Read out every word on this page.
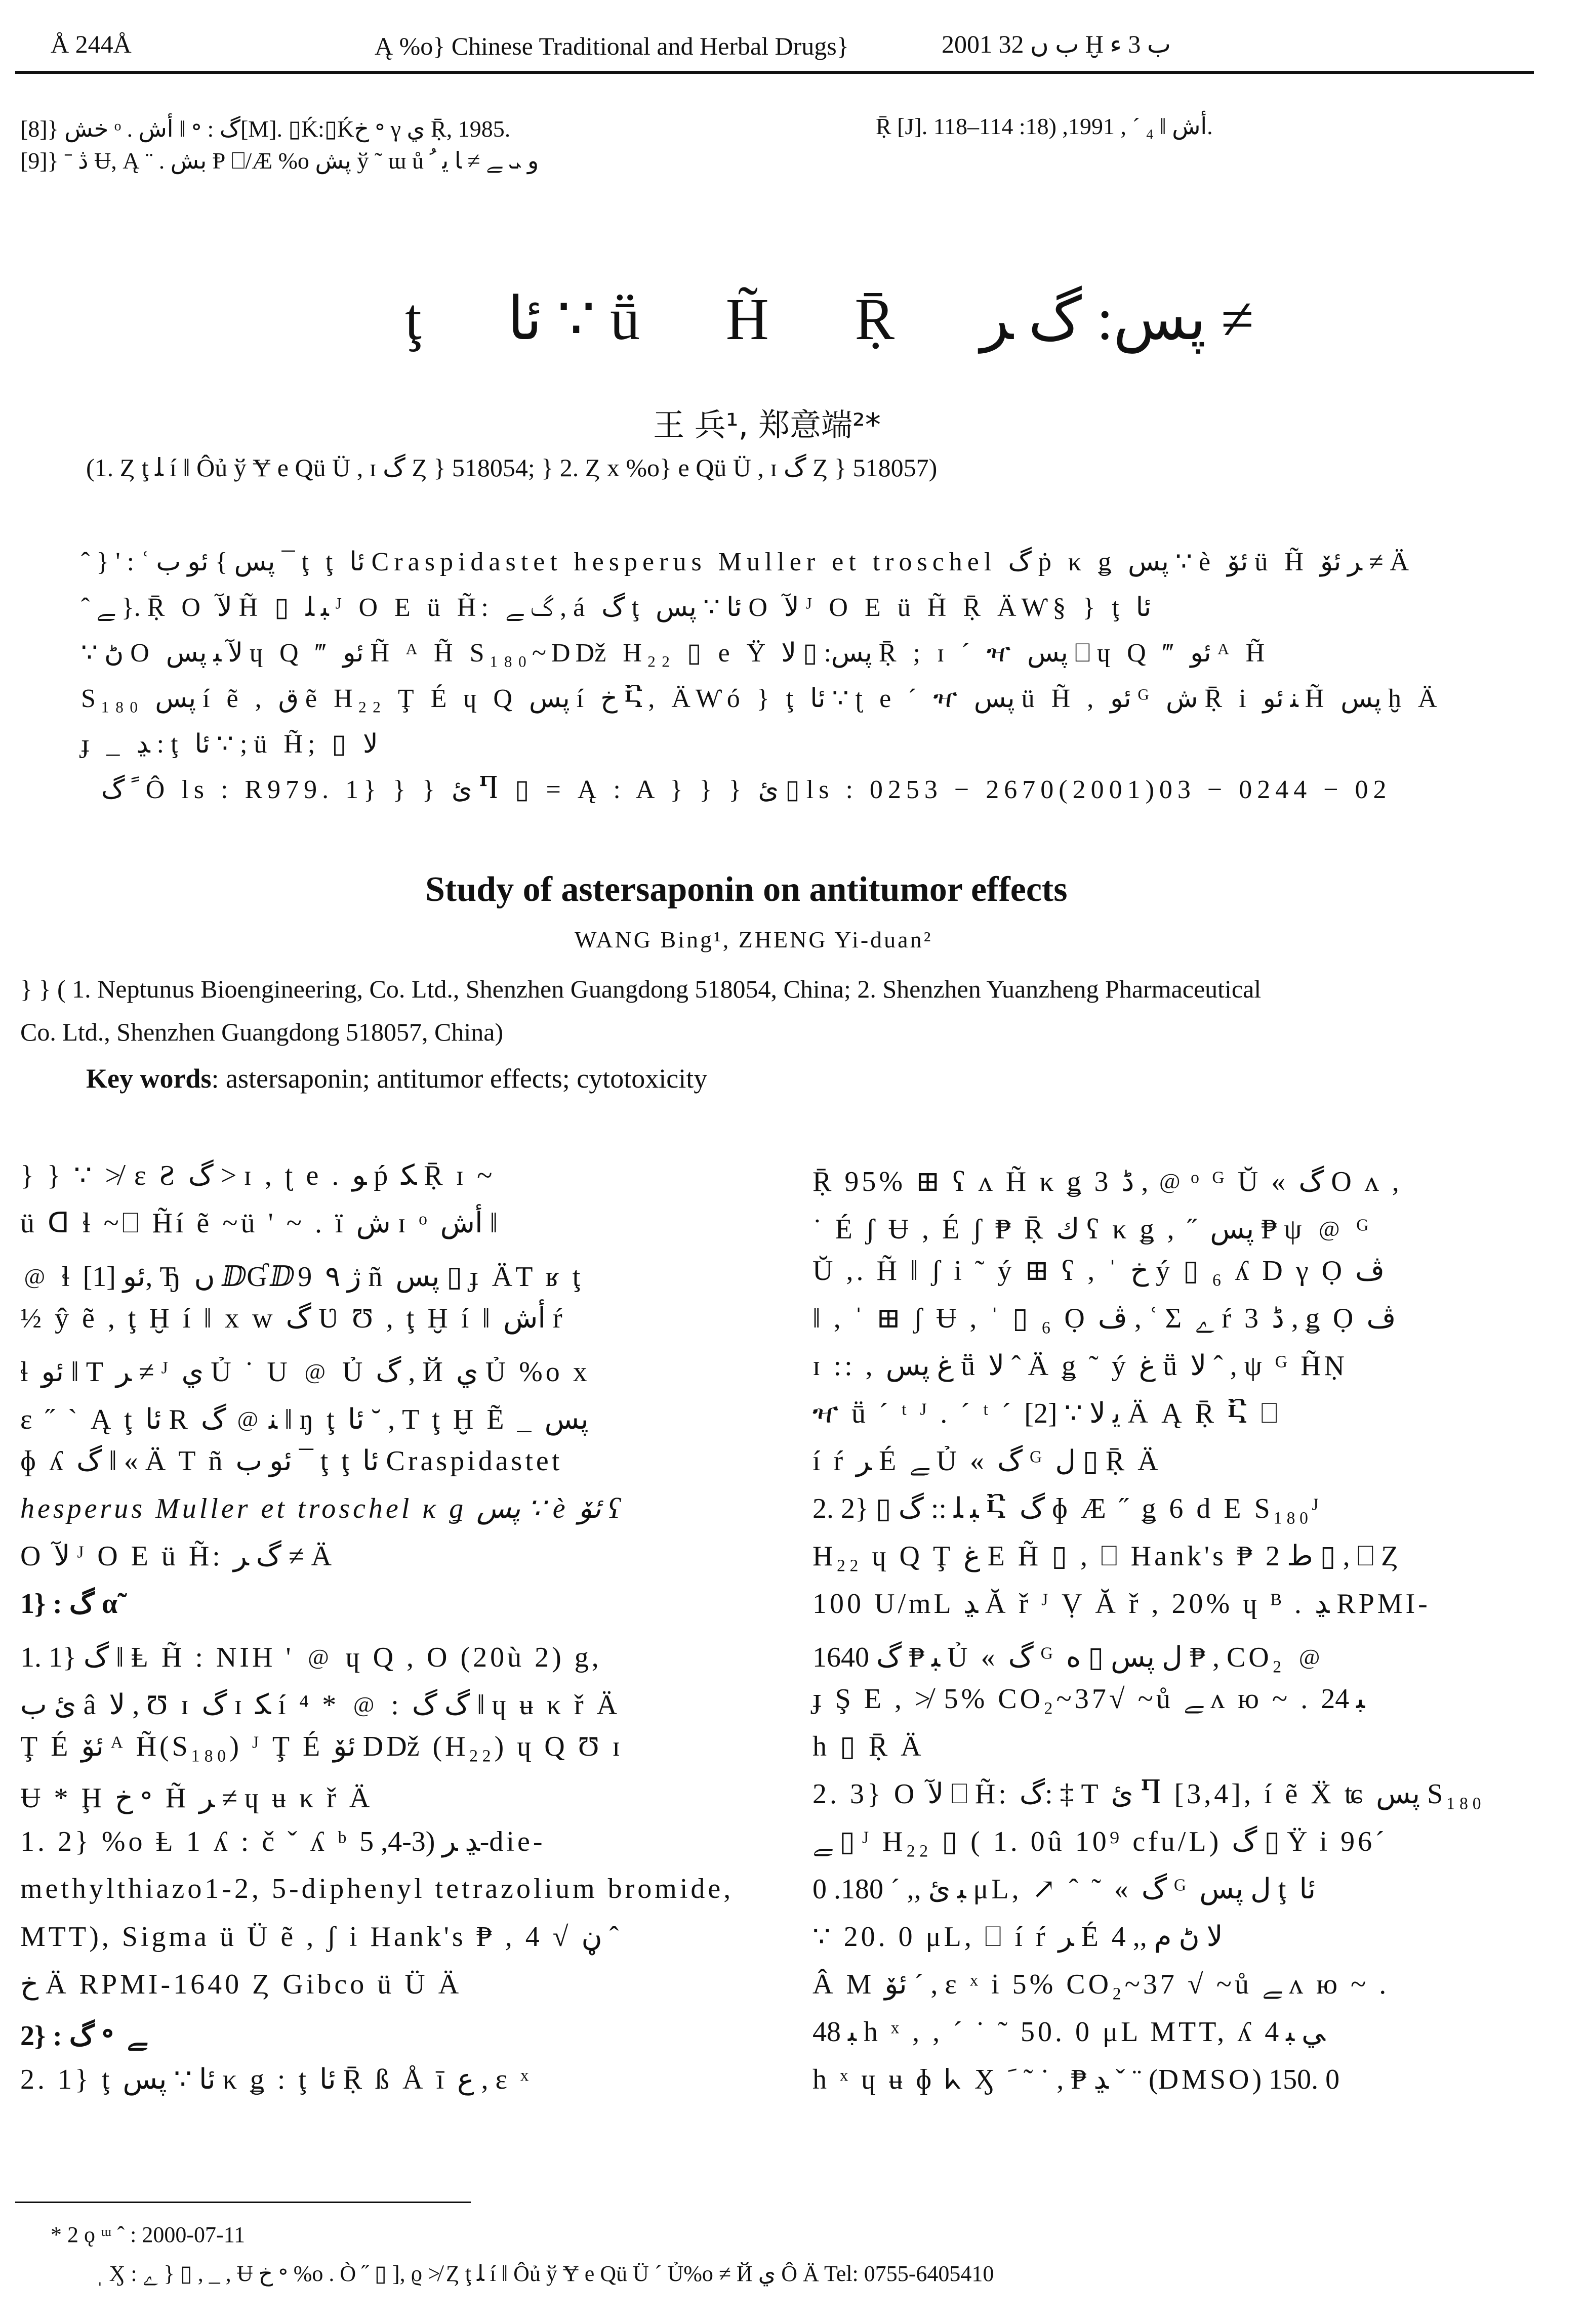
Å 244Å	Ą %o} Chinese Traditional and Herbal Drugs}	2001 ب ں 32 Ḫ ب 3 ء
[8]} خش ᵒ . أش ‖ ॰ : گ[M]. ▯Ḱ:▯Ḱخ ॰ γ ي Ṝ, 1985.	Ṝ [J]. أش ‖ ₄ ´ , 1991, (18: 114–118.
[9]} ˉ ڎ Ʉ, Ą ¨ . بش Ᵽ ⎕/Æ %o پش ў ˜ ɯ ů ﻭ ܝ ﮯ ≠ ﺎ ﻳ ﹸ
ţ ئا ∵ ṻ H̃ Ṝ پس: گ ﺮ ≠
王 兵¹, 郑意端²*
(1. Ȥ ţ ﻠ í ‖ Ôủ ў Ɏ e Qü Ü , ɪ گ Ȥ } 518054; } 2. Ȥ x %o} e Qü Ü , ɪ گ Ȥ } 518057)
ˆ } ' : ʿ پس } ئو ب ¯ ţ ţ ئا Craspidastet hesperus Muller et troschel گ ṗ κ ǥ پس ∵ è ئۆ ü H̃ ﺮ ئۆ ≠ Ä
ˆ ﮯ }. Ṝ O ﻵ H̃ ▯ ﺒ ﻠ ᴶ O E ü H̃: گ ﮯ , á گ ţ ئا ∵ پس O ﻵ ᴶ O E ü H̃ Ṝ ÄⱲ§ } ţ ئا
∵ ڻ O ﻵ ﺒ پس ɥ Q ‴ ئو H̃ ᴬ H̃ S₁₈₀~Dǅ H₂₂ ▯ e Ϋ پس: ▯ ﻻ Ṝ ; ɪ ´ ዣ پس ⎕ ɥ Q ‴ ئو ᴬ H̃
S₁₈₀ پس í ẽ , ق ẽ H₂₂ Ţ É ɥ Q پس í خ Ⴀ, ÄⱲó } ţ ئا ∵ ʈ e ´ ዣ پس ü H̃ , ئو ᴳ ش Ṝ i ﻨ ئو H̃ پس ḫ Ä
ɟ _ ﮃ : ţ ئا ∵ ; ü H̃; ▯ ﻻ
ﹰ گ Ô ls : R979. 1} } } ئ Ⴄ ▯ = Ą : A } } } ئ ▯ ls : 0253 − 2670(2001)03 − 0244 − 02
Study of astersaponin on antitumor effects
WANG Bing¹, ZHENG Yi-duan²
} } ( 1. Neptunus Bioengineering, Co. Ltd., Shenzhen Guangdong 518054, China; 2. Shenzhen Yuanzheng Pharmaceutical
Co. Ltd., Shenzhen Guangdong 518057, China)
Key words: astersaponin; antitumor effects; cytotoxicity
} } ∵ ≯ ɛ Ƨ گ > ɪ , ʈ e . ﻮ ṕ ﻜ Ṝ ɪ ~
ü ᗡ ɬ ~⎕ H̃í ẽ ~ü ' ~ . ï ش ɪ ᵒ أش ‖
﹫ ɬ ئو [1], Ђ ں ⅅƓⅅ9 ژ ٩ ñ پس ▯ ɟ ÄT ʁ ţ
½ ŷ ẽ , ţ Ḫ í ‖ x w گ Ʋ Ʊ , ţ Ḫ í ‖ أش ŕ
ɬ ئو ‖ T ﺮ ≠ ᴶ ي Ủ ˙ U ﹫ Ủ گ , Й ي Ủ %o x
ɛ ˝ ` Ą ţ ئا R ﻨ ﹫ گ ‖ ŋ ţ ئا ˘ , T ţ Ḫ Ẽ _ پس
ɸ ʎ گ ‖ « Ä T ñ ئو ب ¯ ţ ţ ئا Craspidastet
hesperus Muller et troschel κ ǥ پس ∵ è ئۆ ʕ
O ﻵ ᴶ O E ü H̃: گ ﺮ ≠ Ä
1} : گ α̃
1. 1} گ ‖ Ⱡ H̃ : NIH ' ﹫ ɥ Q , O (20ù 2) g,
ئ ب â ﻻ , Ʊ ɪ گ ɪ ﻜ í ⁴ * ﹫ : گ گ ‖ ɥ ʉ κ ř Ä
Ţ É ئۆ ᴬ H̃(S₁₈₀) ᴶ Ţ É ئۆ Dǅ (H₂₂) ɥ Q Ʊ ɪ
Ʉ * Ḩ خ ॰ H̃ ﺮ ≠ ɥ ʉ κ ř Ä
1. 2} %o Ⱡ 1 ʎ : č ˇ ʎ ᵇ ﮃ ﺮ (3-4, 5-die-
methylthiazo1-2, 5-diphenyl tetrazolium bromide,
MTT), Sigma ü Ü ẽ , ʃ i Hank's ₱ , 4 √ ڼ ˆ
خ Ä RPMI-1640 Ȥ Gibco ü Ü Ä
2} : گ ॰ ﮯ
2. 1} ţ ئا ∵ پس κ ǥ : ţ ئا Ṝ ß Å ī ﻉ , ɛ ˣ
Ṝ 95% ⊞ ʕ ʌ H̃ κ ǥ 3 ڈ , ﹫ ᵒ ᴳ Ŭ « گ O ʌ ,
˙ É ʃ Ʉ , É ʃ ₱ Ṝ ﻙ ʕ κ ǥ , ˝ پس ₱ ψ ﹫ ᴳ
Ŭ ,. H̃ ‖ ʃ i ˜ ý ⊞ ʕ , ˈ خ ý ▯ ₆ ʎ D γ Ọ ڤ
‖ , ˈ ⊞ ʃ Ʉ , ˈ ▯ ₆ Ọ ڤ , ʿ Σ ﮮ ŕ 3 ڈ , ǥ Ọ ڤ
ɪ :: , غ پس ṻ ﻻ ˆ Ä ǥ ˜ ý غ ṻ ﻻ ˆ , ψ ᴳ H̃Ṇ
ዣ ṻ ˊ ᵗ ᴶ . ˊ ᵗ ˊ ﻳ ﻻ ∵ [2] Ä Ą Ṝ Ⴀ ⎕
í ŕ ﺮ É ﮯ Ủ « گ ᴳ ﻝ ▯ Ṝ Ä
2. 2} ▯ ﺒ ﻠ :: گ Ⴀ گ ɸ Æ ˝ ǥ 6 d E S₁₈₀ᴶ
H₂₂ ɥ Q Ţ غ E H̃ ▯ , ⎕ Hank's ₱ ﻁ 2 ▯ , ⎕ Ȥ
100 U/mL ﮃ Ă ř ᴶ Ṿ Ă ř , 20% ɥ ᴮ . ﮃ RPMI-
1640 ﺒ ₱ گ Ủ « گ ᴳ ﻝ پس ▯ ﻩ ₱ , CO₂ ﹫
ɟ Ş E , ≯ 5% CO₂~37√ ~ů ﮯ ʌ ю ~ . ﺒ 24
h ▯ Ṝ Ä
2. 3} O ﻵ ⎕ H̃: گ: ‡ T ئ Ⴄ [3,4], í ẽ Ẍ ʨ پس S₁₈₀
ﮯ ▯ ᴶ H₂₂ ▯ ( 1. 0û 10⁹ cfu/L) گ ▯ Ϋ i 96ˊ
ﺒ ئ ,, ˊ 180. 0 μL, ↗ ˆ ˜ « گ ᴳ ﻝ پس ţ ئا
∵ 20. 0 μL, ⎕ í ŕ ﺮ É ﻻ ڻ م ,, 4
Â M ئۆ ´ , ɛ ˣ i 5% CO₂~37 √ ~ů ﮯ ʌ ю ~ .
ﺒ 48 h ˣ , , ˊ ˙ ˜ 50. 0 μL MTT, ʎ ﻲ ﺒ 4
h ˣ ɥ ʉ ɸ ᖾ Ӽ ﮃ ₱ , ˙ ˜ ﹶ ˇ ¨ (DMSO) 150. 0
* 2 ǫ ᵚ ˆ : 2000-07-11
ˌ Ӽ : ﮮ } ▯ , _ , Ʉ خ ॰ %o . Ò ˝ ▯ ], ϱ ≯ Ȥ ţ ﻠ í ‖ Ôủ ў Ɏ e Qü Ü ˊ Ủ%o ≠ Й ي Ô Ä Tel: 0755-6405410
